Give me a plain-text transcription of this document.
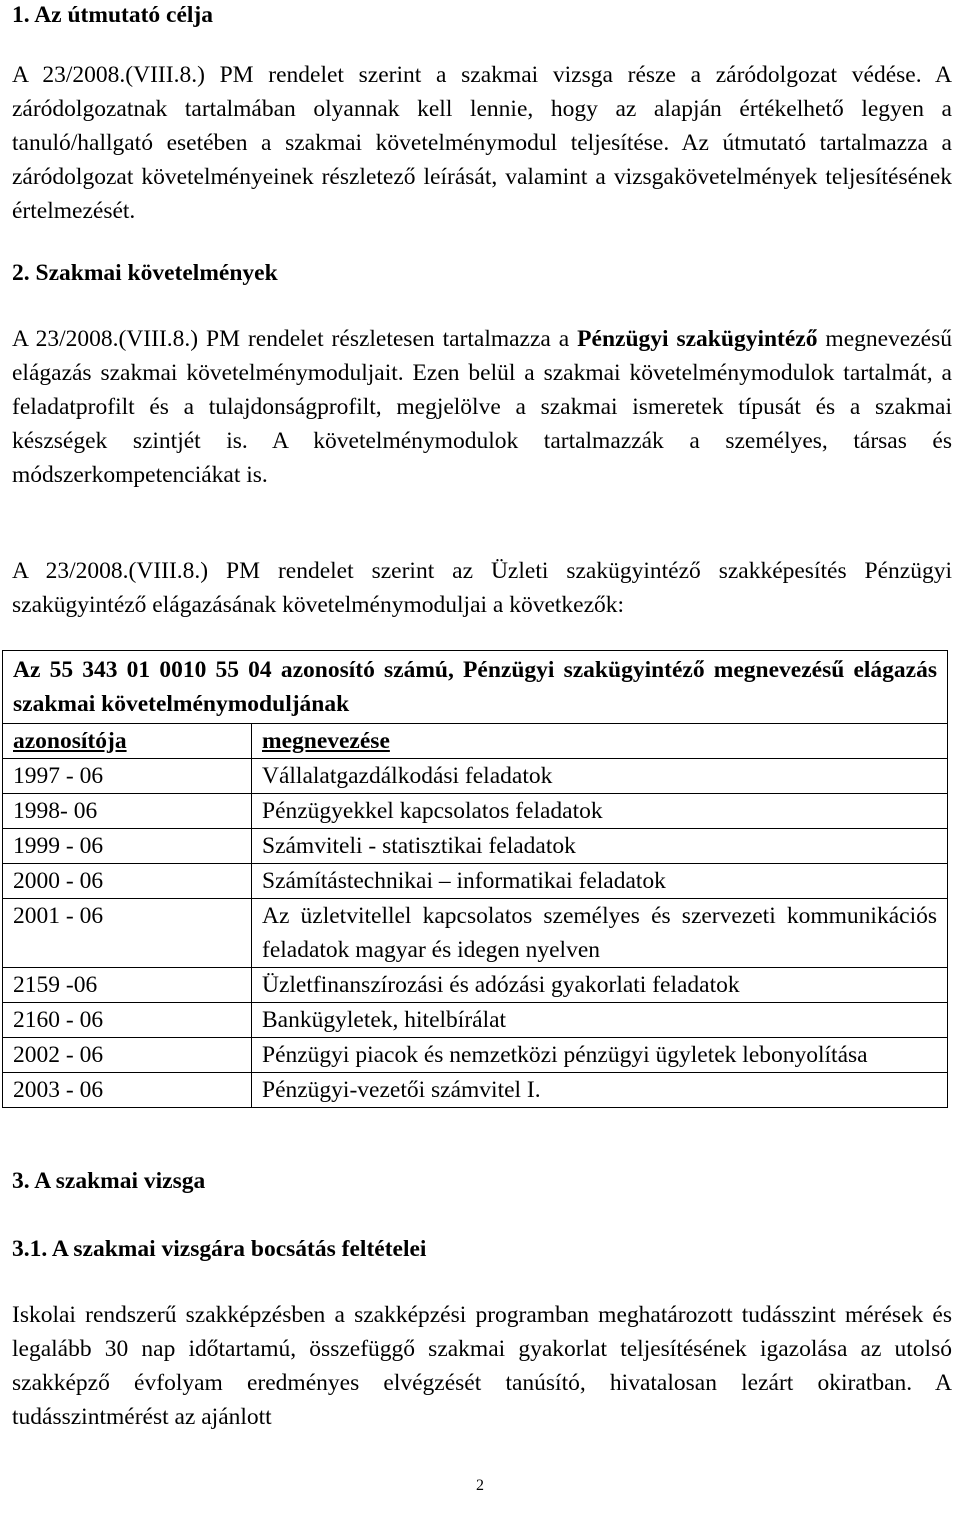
1. Az útmutató célja

A 23/2008.(VIII.8.) PM rendelet szerint a szakmai vizsga része a záródolgozat védése. A záródolgozatnak tartalmában olyannak kell lennie, hogy az alapján értékelhető legyen a tanuló/hallgató esetében a szakmai követelménymodul teljesítése. Az útmutató tartalmazza a záródolgozat követelményeinek részletező leírását, valamint a vizsgakövetelmények teljesítésének értelmezését.

2. Szakmai követelmények

A 23/2008.(VIII.8.) PM rendelet részletesen tartalmazza a Pénzügyi szakügyintéző megnevezésű elágazás szakmai követelménymoduljait. Ezen belül a szakmai követelménymodulok tartalmát, a feladatprofilt és a tulajdonságprofilt, megjelölve a szakmai ismeretek típusát és a szakmai készségek szintjét is. A követelménymodulok tartalmazzák a személyes, társas és módszerkompetenciákat is.

A 23/2008.(VIII.8.) PM rendelet szerint az Üzleti szakügyintéző szakképesítés Pénzügyi szakügyintéző elágazásának követelménymoduljai a következők:

Az 55 343 01 0010 55 04 azonosító számú, Pénzügyi szakügyintéző megnevezésű elágazás szakmai követelménymoduljának	
azonosítója	megnevezése
1997 - 06	Vállalatgazdálkodási feladatok
1998- 06	Pénzügyekkel kapcsolatos feladatok
1999 - 06	Számviteli - statisztikai feladatok
2000 - 06	Számítástechnikai – informatikai feladatok
2001 - 06	Az üzletvitellel kapcsolatos személyes és szervezeti kommunikációs feladatok magyar és idegen nyelven
2159 -06	Üzletfinanszírozási és adózási gyakorlati feladatok
2160 - 06	Bankügyletek, hitelbírálat
2002 - 06	Pénzügyi piacok és nemzetközi pénzügyi ügyletek lebonyolítása
2003 - 06	Pénzügyi-vezetői számvitel I.

3. A szakmai vizsga

3.1. A szakmai vizsgára bocsátás feltételei

Iskolai rendszerű szakképzésben a szakképzési programban meghatározott tudásszint mérések és legalább 30 nap időtartamú, összefüggő szakmai gyakorlat teljesítésének igazolása az utolsó szakképző évfolyam eredményes elvégzését tanúsító, hivatalosan lezárt okiratban. A tudásszintmérést az ajánlott

2
